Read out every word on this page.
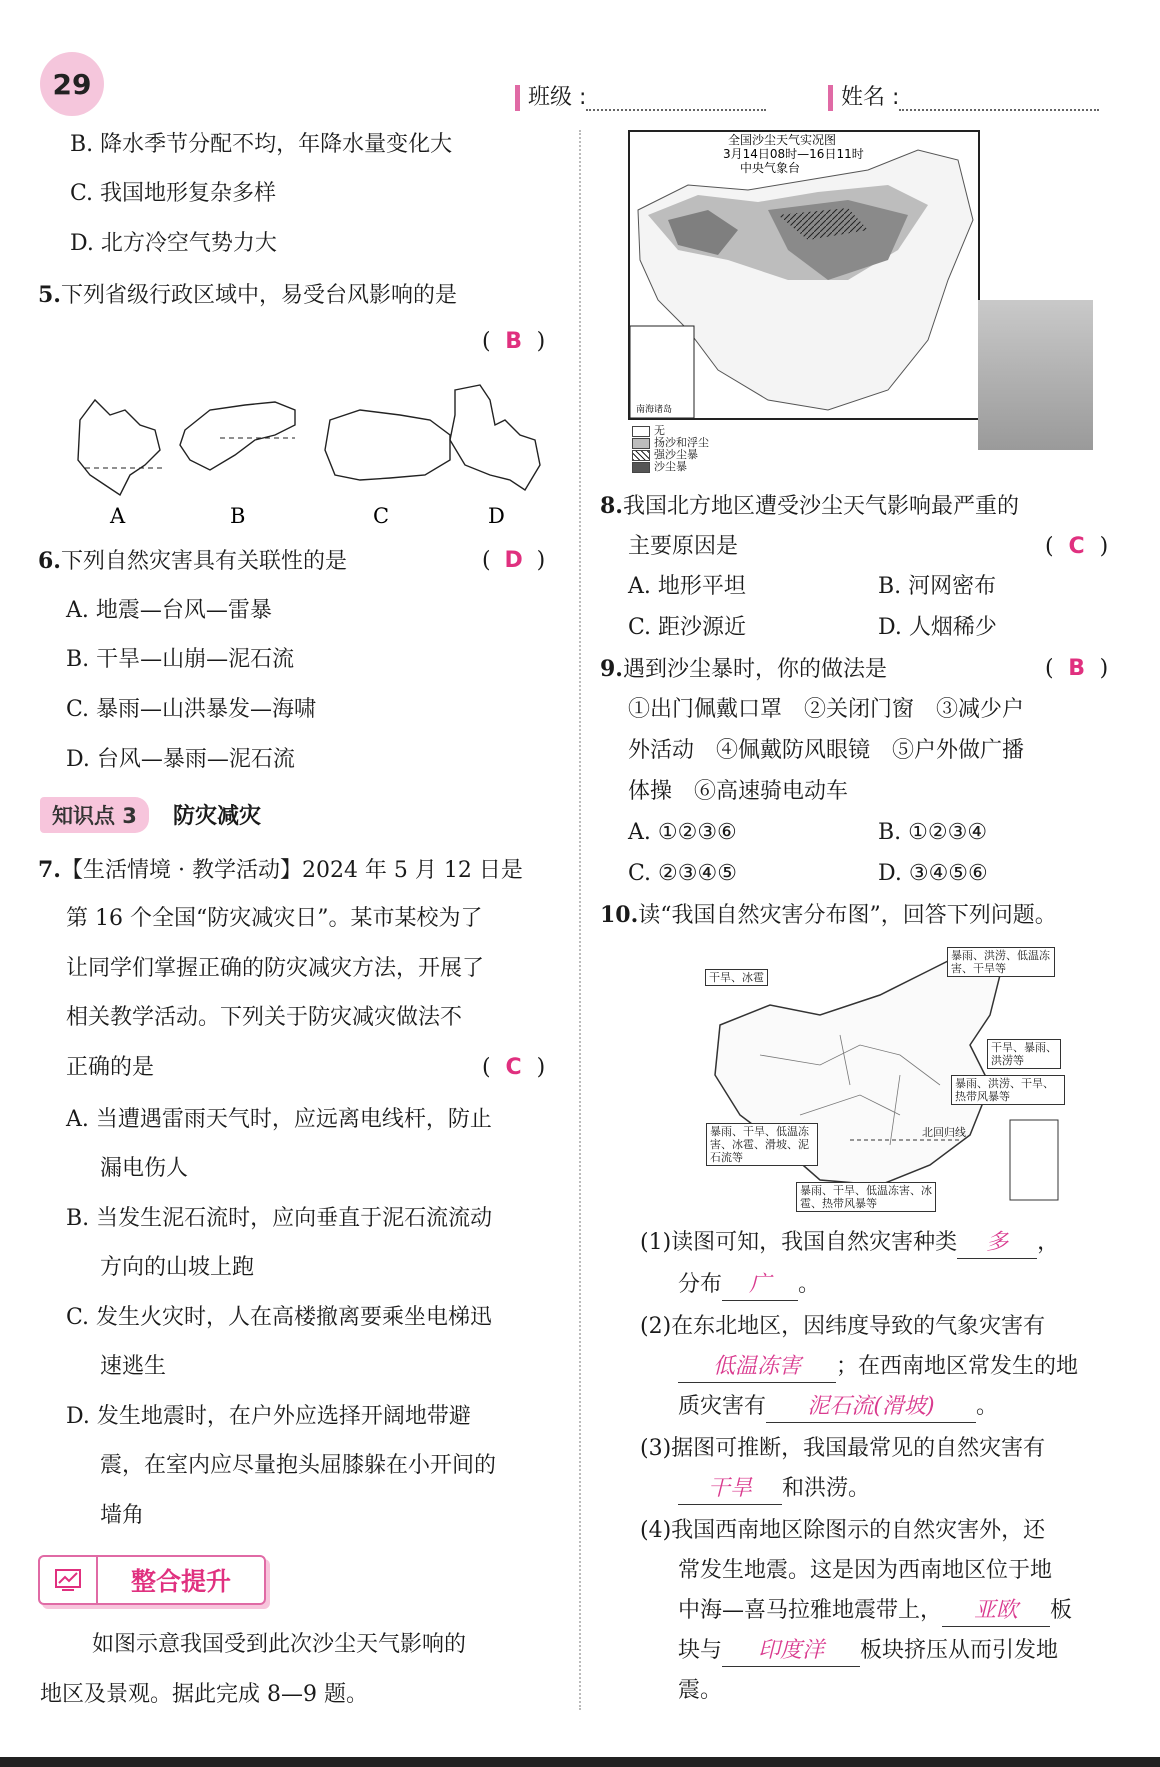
29	班级 :	姓名 :
B. 降水季节分配不均，年降水量变化大
C. 我国地形复杂多样
D. 北方冷空气势力大
5.下列省级行政区域中，易受台风影响的是
( B )
A	B	C	D
6.下列自然灾害具有关联性的是	( D )
A. 地震—台风—雷暴
B. 干旱—山崩—泥石流
C. 暴雨—山洪暴发—海啸
D. 台风—暴雨—泥石流
知识点 3 防灾减灾
7.【生活情境 · 教学活动】2024 年 5 月 12 日是
第 16 个全国“防灾减灾日”。某市某校为了
让同学们掌握正确的防灾减灾方法，开展了
相关教学活动。下列关于防灾减灾做法不
正确的是	( C )
A. 当遭遇雷雨天气时，应远离电线杆，防止
漏电伤人
B. 当发生泥石流时，应向垂直于泥石流流动
方向的山坡上跑
C. 发生火灾时，人在高楼撤离要乘坐电梯迅
速逃生
D. 发生地震时，在户外应选择开阔地带避
震，在室内应尽量抱头屈膝躲在小开间的
墙角
整合提升
如图示意我国受到此次沙尘天气影响的
地区及景观。据此完成 8—9 题。
南海诸岛
全国沙尘天气实况图
3月14日08时—16日11时
中央气象台
无
扬沙和浮尘
强沙尘暴
沙尘暴
8.我国北方地区遭受沙尘天气影响最严重的
主要原因是	( C )
A. 地形平坦	B. 河网密布
C. 距沙源近	D. 人烟稀少
9.遇到沙尘暴时，你的做法是	( B )
①出门佩戴口罩　②关闭门窗　③减少户
外活动　④佩戴防风眼镜　⑤户外做广播
体操　⑥高速骑电动车
A. ①②③⑥	B. ①②③④
C. ②③④⑤	D. ③④⑤⑥
10.读“我国自然灾害分布图”，回答下列问题。
干旱、冰雹
暴雨、洪涝、低温冻害、干旱等
干旱、暴雨、洪涝等
暴雨、洪涝、干旱、热带风暴等
暴雨、干旱、低温冻害、冰雹、滑坡、泥石流等
暴雨、干旱、低温冻害、冰雹、热带风暴等
北回归线
(1)读图可知，我国自然灾害种类 多 ，
分布 广 。
(2)在东北地区，因纬度导致的气象灾害有
低温冻害 ；在西南地区常发生的地
质灾害有 泥石流(滑坡) 。
(3)据图可推断，我国最常见的自然灾害有
干旱 和洪涝。
(4)我国西南地区除图示的自然灾害外，还
常发生地震。这是因为西南地区位于地
中海—喜马拉雅地震带上， 亚欧 板
块与 印度洋 板块挤压从而引发地
震。
